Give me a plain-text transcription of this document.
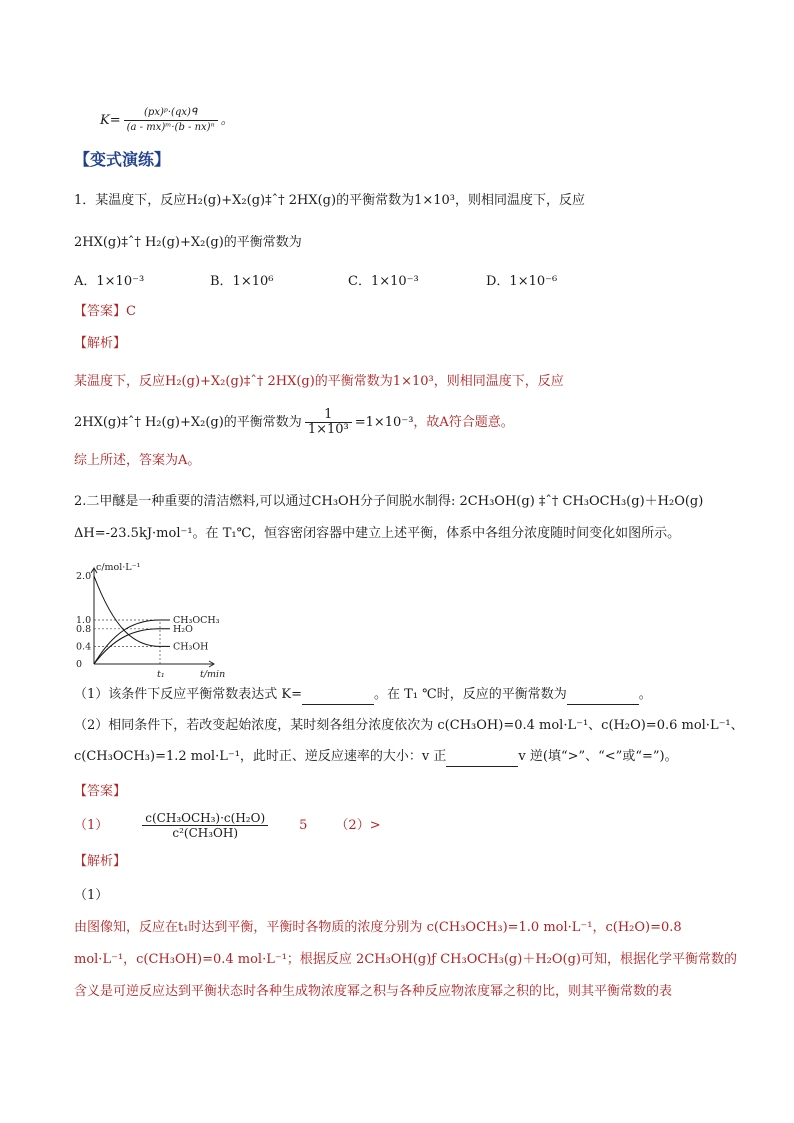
$K= \frac{\text{(px)ᵖ·(qx)ᑫ}}{\text{(a - mx)ᵐ·(b - nx)ⁿ}}$ 。
【变式演练】
1．某温度下，反应H₂(g)+X₂(g)‡ˆ† 2HX(g)的平衡常数为1×10³，则相同温度下，反应
2HX(g)‡ˆ† H₂(g)+X₂(g)的平衡常数为
A．1×10⁻³	B．1×10⁶	C．1×10⁻³	D．1×10⁻⁶
【答案】C
【解析】
某温度下，反应H₂(g)+X₂(g)‡ˆ† 2HX(g)的平衡常数为1×10³，则相同温度下，反应
2HX(g)‡ˆ† H₂(g)+X₂(g)的平衡常数为 $\frac{1}{\text{1×10³}} =1\times 10^{-3}$，故A符合题意。
综上所述，答案为A。
2.二甲醚是一种重要的清洁燃料,可以通过CH₃OH分子间脱水制得: 2CH₃OH(g) ‡ˆ† CH₃OCH₃(g)＋H₂O(g)
ΔH=-23.5kJ·mol⁻¹。在 T₁℃，恒容密闭容器中建立上述平衡，体系中各组分浓度随时间变化如图所示。
c/mol·L⁻¹
t/min
0
0.4
0.8
1.0
2.0
t₁
CH₃OCH₃
H₂O
CH₃OH
（1）该条件下反应平衡常数表达式 K=	。在 T₁ ℃时，反应的平衡常数为	。
（2）相同条件下，若改变起始浓度，某时刻各组分浓度依次为 c(CH₃OH)=0.4 mol·L⁻¹、c(H₂O)=0.6 mol·L⁻¹、
c(CH₃OCH₃)=1.2 mol·L⁻¹，此时正、逆反应速率的大小：v 正	v 逆(填“>”、“<”或“=”)。
【答案】
（1）	$\frac{\text{c(CH₃OCH₃)·c(H₂O)}}{\text{c²(CH₃OH)}} 5$ （2）>
【解析】
（1）
由图像知，反应在t₁时达到平衡，平衡时各物质的浓度分别为 c(CH₃OCH₃)=1.0 mol·L⁻¹，c(H₂O)=0.8
mol·L⁻¹，c(CH₃OH)=0.4 mol·L⁻¹；根据反应 2CH₃OH(g)ƒ CH₃OCH₃(g)＋H₂O(g)可知，根据化学平衡常数的
含义是可逆反应达到平衡状态时各种生成物浓度幂之积与各种反应物浓度幂之积的比，则其平衡常数的表
